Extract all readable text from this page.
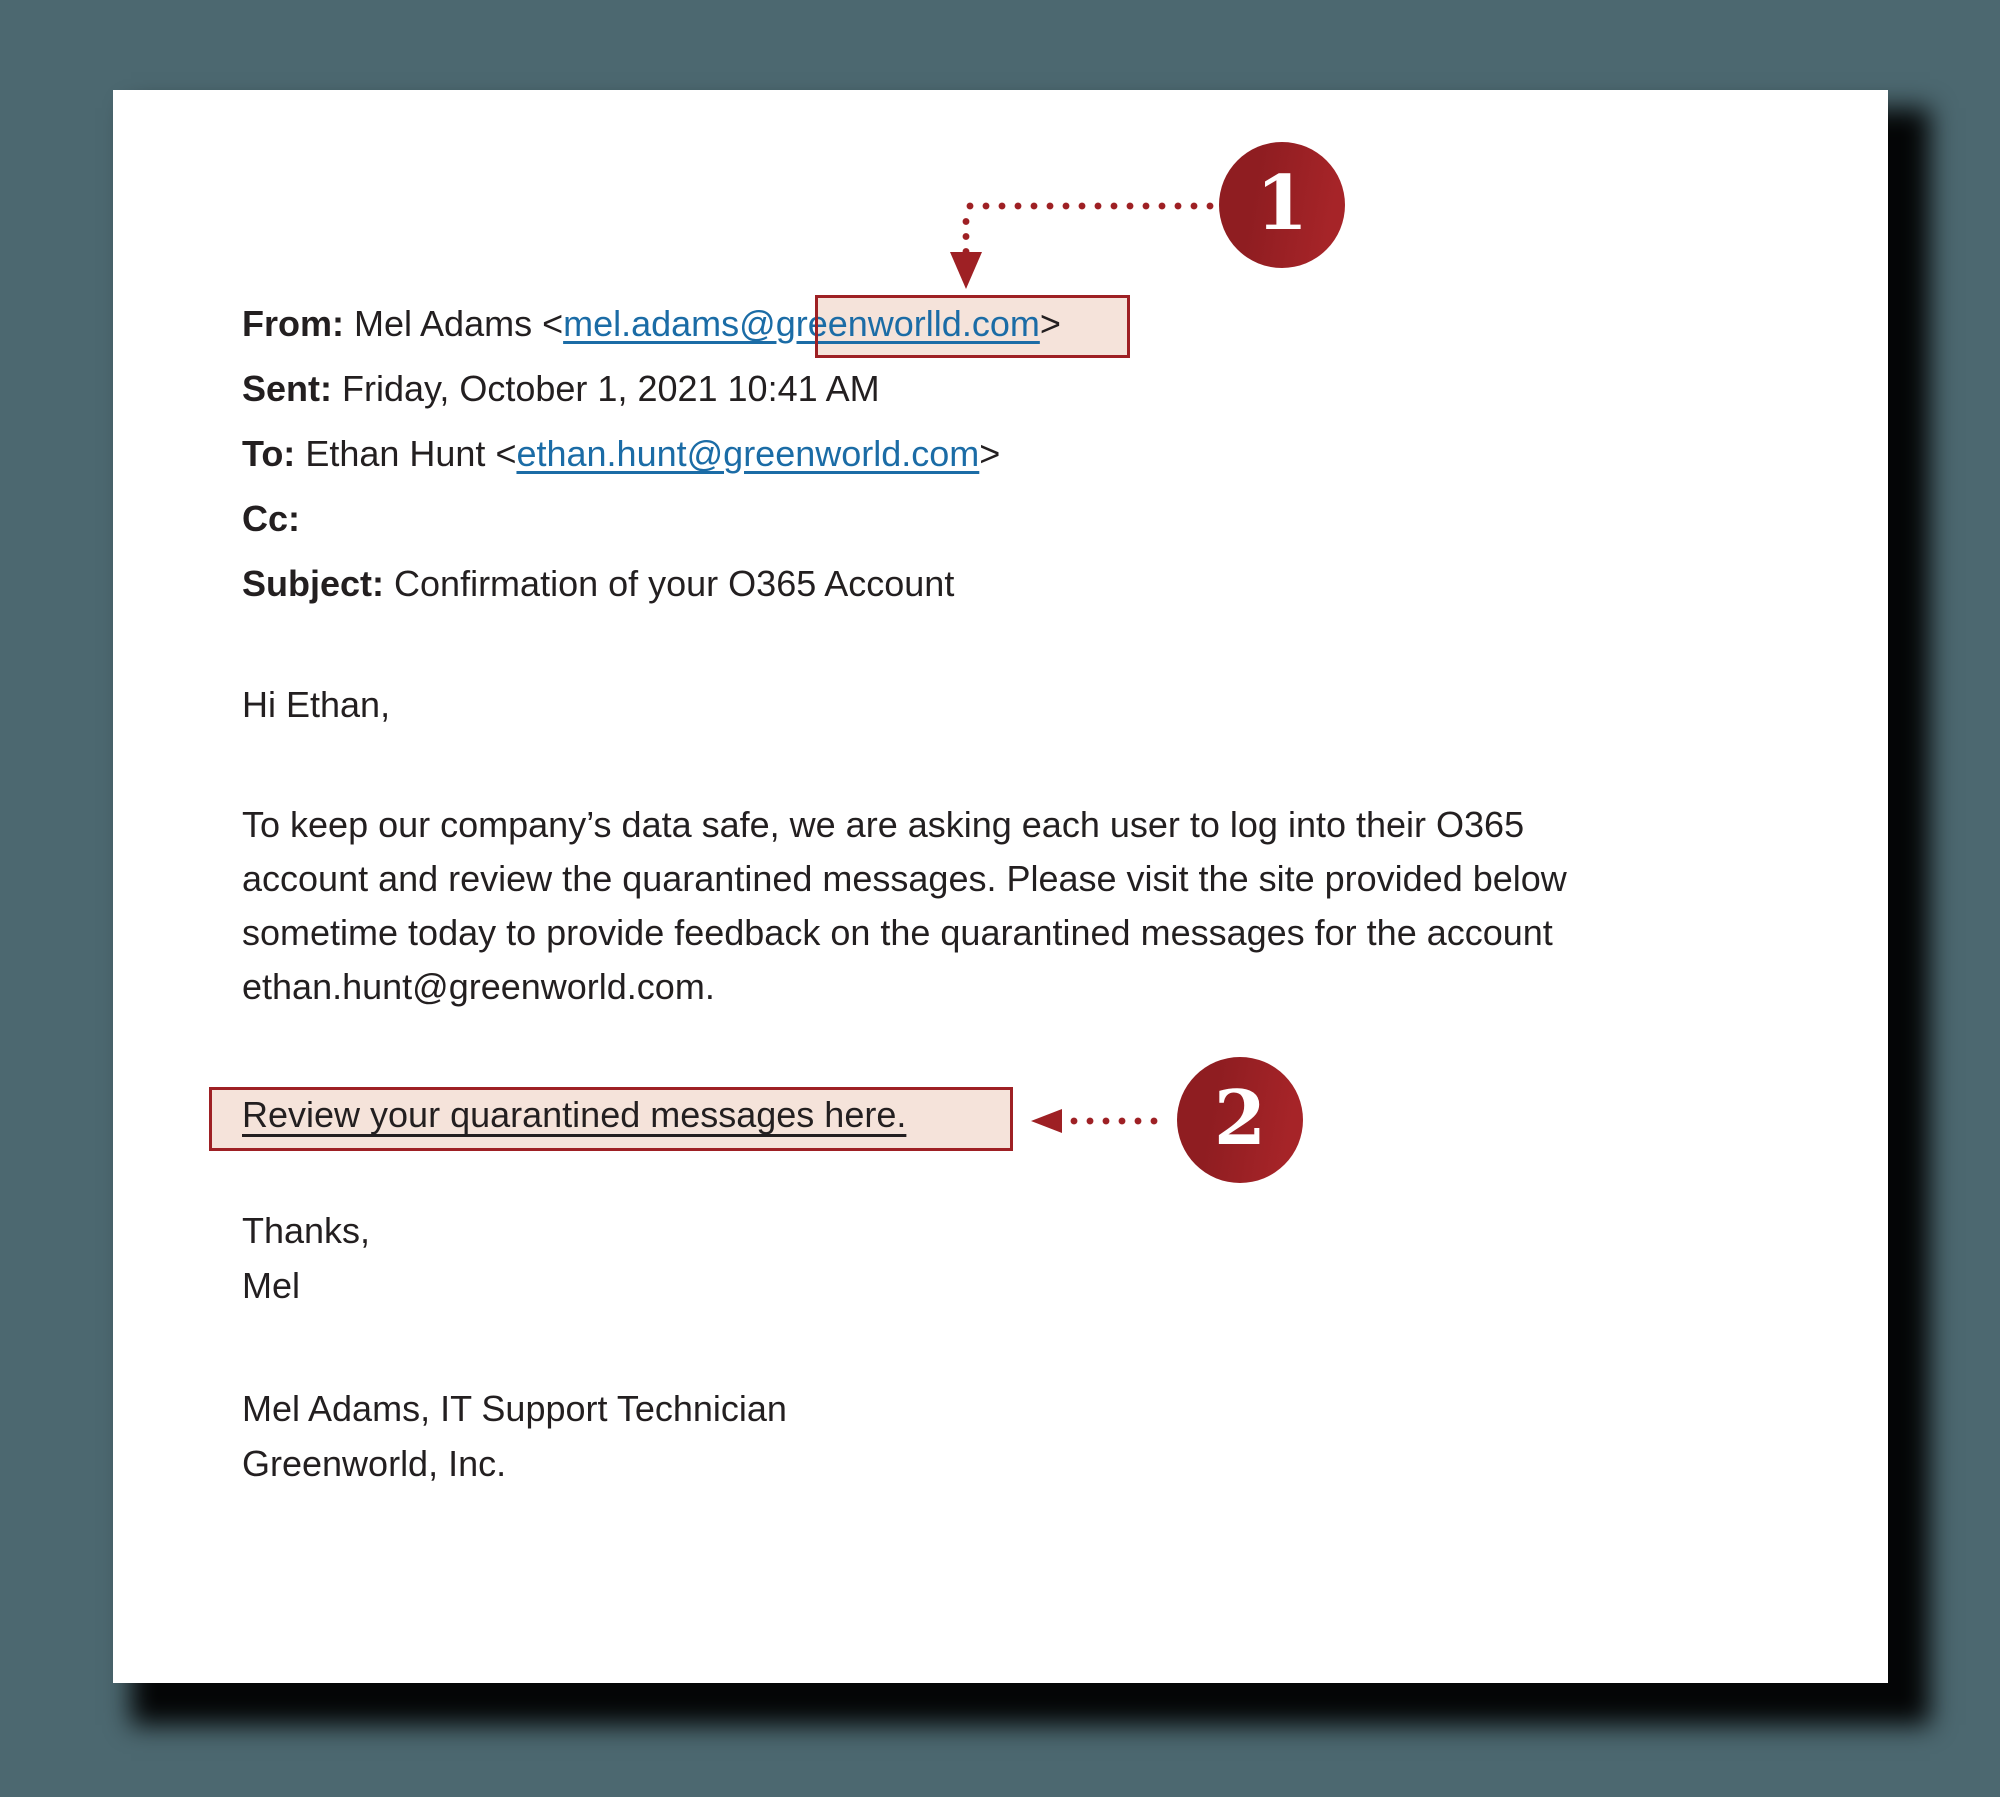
From: Mel Adams <mel.adams@greenworlld.com>
Sent: Friday, October 1, 2021 10:41 AM
To: Ethan Hunt <ethan.hunt@greenworld.com>
Cc:
Subject: Confirmation of your O365 Account
Hi Ethan,
To keep our company’s data safe, we are asking each user to log into their O365
account and review the quarantined messages. Please visit the site provided below
sometime today to provide feedback on the quarantined messages for the account
ethan.hunt@greenworld.com.
Review your quarantined messages here.
Thanks,
Mel
Mel Adams, IT Support Technician
Greenworld, Inc.
1
2
